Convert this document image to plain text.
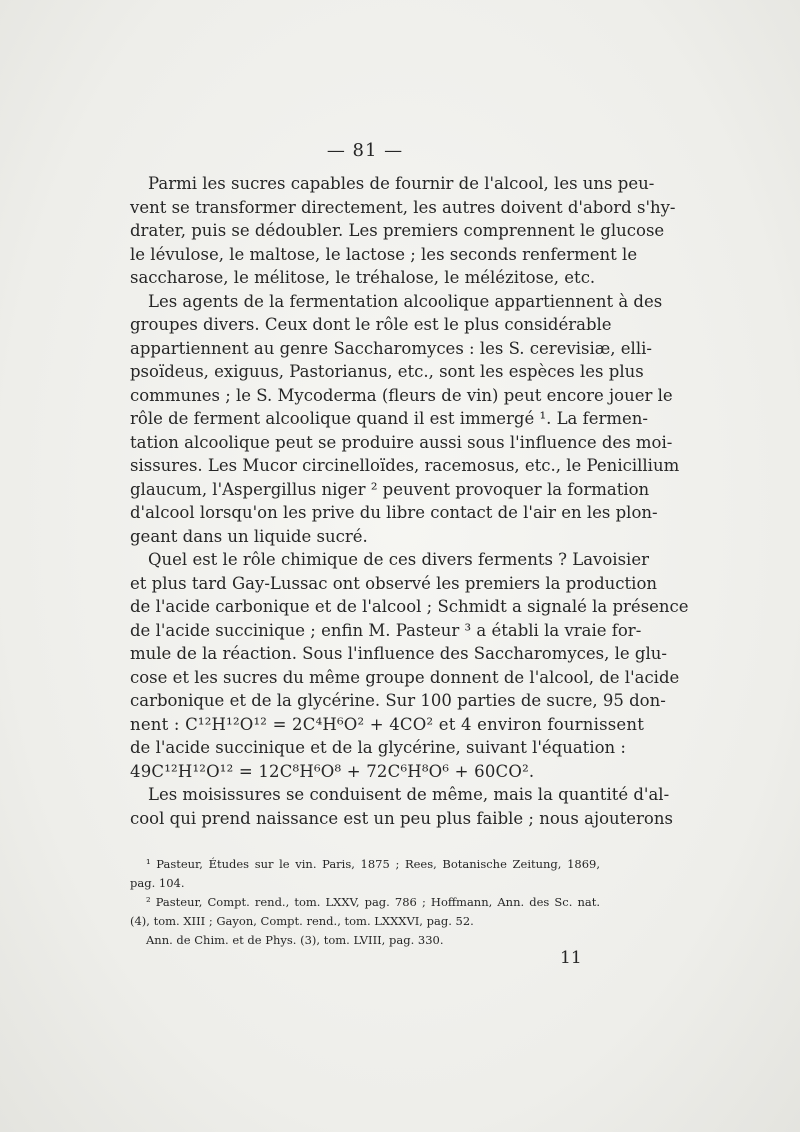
— 81 —
Parmi les sucres capables de fournir de l'alcool, les uns peu-
vent se transformer directement, les autres doivent d'abord s'hy-
drater, puis se dédoubler. Les premiers comprennent le glucose
le lévulose, le maltose, le lactose ; les seconds renferment le
saccharose, le mélitose, le tréhalose, le mélézitose, etc.
Les agents de la fermentation alcoolique appartiennent à des
groupes divers. Ceux dont le rôle est le plus considérable
appartiennent au genre Saccharomyces : les S. cerevisiæ, elli-
psoïdeus, exiguus, Pastorianus, etc., sont les espèces les plus
communes ; le S. Mycoderma (fleurs de vin) peut encore jouer le
rôle de ferment alcoolique quand il est immergé ¹. La fermen-
tation alcoolique peut se produire aussi sous l'influence des moi-
sissures. Les Mucor circinelloïdes, racemosus, etc., le Penicillium
glaucum, l'Aspergillus niger ² peuvent provoquer la formation
d'alcool lorsqu'on les prive du libre contact de l'air en les plon-
geant dans un liquide sucré.
Quel est le rôle chimique de ces divers ferments ? Lavoisier
et plus tard Gay-Lussac ont observé les premiers la production
de l'acide carbonique et de l'alcool ; Schmidt a signalé la présence
de l'acide succinique ; enfin M. Pasteur ³ a établi la vraie for-
mule de la réaction. Sous l'influence des Saccharomyces, le glu-
cose et les sucres du même groupe donnent de l'alcool, de l'acide
carbonique et de la glycérine. Sur 100 parties de sucre, 95 don-
nent : C¹²H¹²O¹² = 2C⁴H⁶O² + 4CO² et 4 environ fournissent
de l'acide succinique et de la glycérine, suivant l'équation :
49C¹²H¹²O¹² = 12C⁸H⁶O⁸ + 72C⁶H⁸O⁶ + 60CO².
Les moisissures se conduisent de même, mais la quantité d'al-
cool qui prend naissance est un peu plus faible ; nous ajouterons
¹ Pasteur, Études sur le vin. Paris, 1875 ; Rees, Botanische Zeitung, 1869,
pag. 104.
² Pasteur, Compt. rend., tom. LXXV, pag. 786 ; Hoffmann, Ann. des Sc. nat.
(4), tom. XIII ; Gayon, Compt. rend., tom. LXXXVI, pag. 52.
Ann. de Chim. et de Phys. (3), tom. LVIII, pag. 330.
11
